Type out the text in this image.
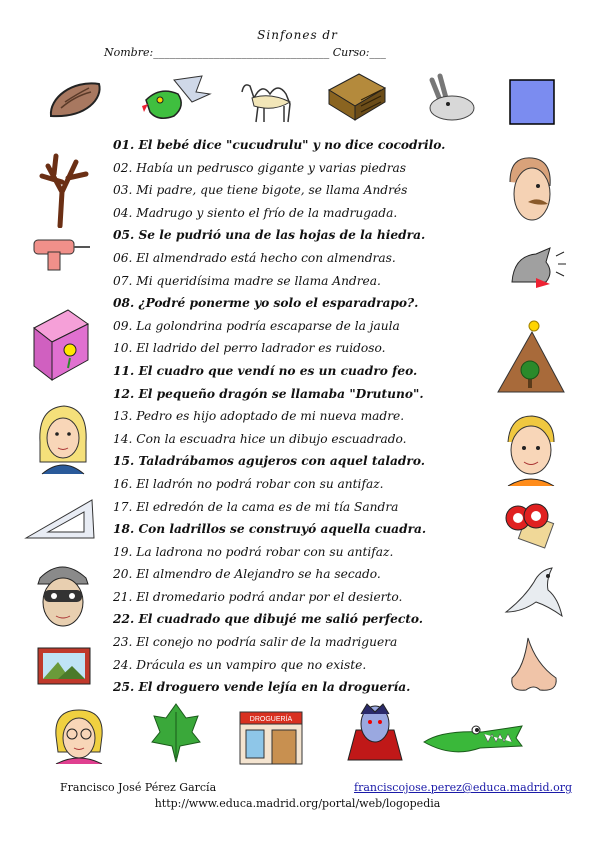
Sinfones dr
Nombre:________________________________ Curso:___
01. El bebé dice "cucudrulu" y no dice cocodrilo.
02. Había un pedrusco gigante y varias piedras
03. Mi padre, que tiene bigote, se llama Andrés
04. Madrugo y siento el frío de la madrugada.
05. Se le pudrió una de las hojas de la hiedra.
06. El almendrado está hecho con almendras.
07. Mi queridísima madre se llama Andrea.
08. ¿Podré ponerme yo solo el esparadrapo?.
09. La golondrina podría escaparse de la jaula
10. El ladrido del perro ladrador es ruidoso.
11. El cuadro que vendí no es un cuadro feo.
12. El pequeño dragón se llamaba "Drutuno".
13. Pedro es hijo adoptado de mi nueva madre.
14. Con la escuadra hice un dibujo escuadrado.
15. Taladrábamos agujeros con aquel taladro.
16. El ladrón no podrá robar con su antifaz.
17. El edredón de la cama es de mi tía Sandra
18. Con ladrillos se construyó aquella cuadra.
19. La ladrona no podrá robar con su antifaz.
20. El almendro de Alejandro se ha secado.
21. El dromedario podrá andar por el desierto.
22. El cuadrado que dibujé me salió perfecto.
23. El conejo no podría salir de la madriguera
24. Drácula es un vampiro que no existe.
25. El droguero vende lejía en la droguería.
DROGUERÍA
Francisco José Pérez García	franciscojose.perez@educa.madrid.org
http://www.educa.madrid.org/portal/web/logopedia
